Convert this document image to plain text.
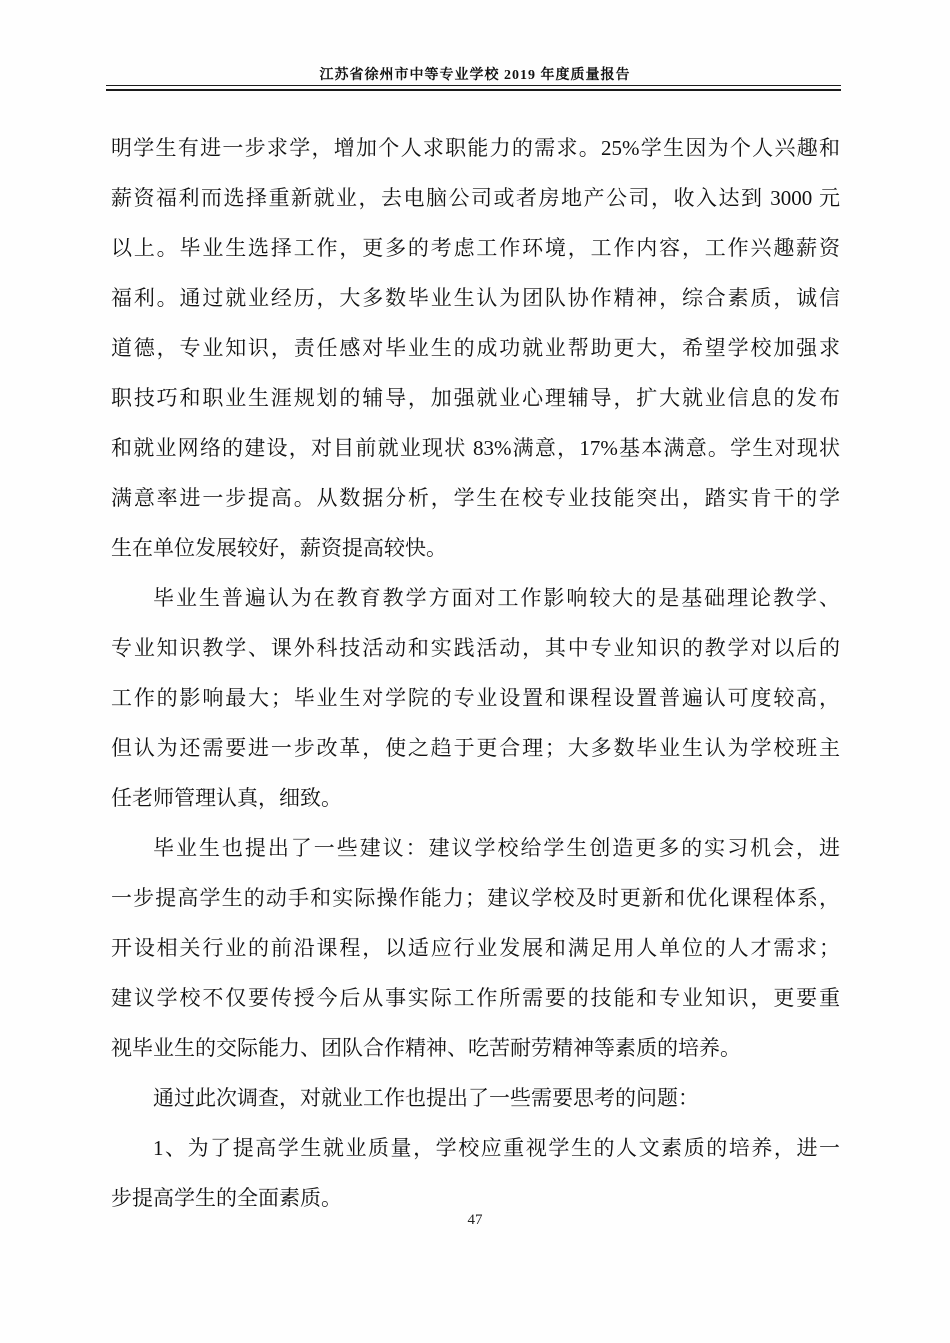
江苏省徐州市中等专业学校 2019 年度质量报告
明学生有进一步求学，增加个人求职能力的需求。25%学生因为个人兴趣和
薪资福利而选择重新就业，去电脑公司或者房地产公司，收入达到 3000 元
以上。毕业生选择工作，更多的考虑工作环境，工作内容，工作兴趣薪资
福利。通过就业经历，大多数毕业生认为团队协作精神，综合素质，诚信
道德，专业知识，责任感对毕业生的成功就业帮助更大，希望学校加强求
职技巧和职业生涯规划的辅导，加强就业心理辅导，扩大就业信息的发布
和就业网络的建设，对目前就业现状 83%满意，17%基本满意。学生对现状
满意率进一步提高。从数据分析，学生在校专业技能突出，踏实肯干的学
生在单位发展较好，薪资提高较快。
毕业生普遍认为在教育教学方面对工作影响较大的是基础理论教学、
专业知识教学、课外科技活动和实践活动，其中专业知识的教学对以后的
工作的影响最大；毕业生对学院的专业设置和课程设置普遍认可度较高，
但认为还需要进一步改革，使之趋于更合理；大多数毕业生认为学校班主
任老师管理认真，细致。
毕业生也提出了一些建议：建议学校给学生创造更多的实习机会，进
一步提高学生的动手和实际操作能力；建议学校及时更新和优化课程体系，
开设相关行业的前沿课程，以适应行业发展和满足用人单位的人才需求；
建议学校不仅要传授今后从事实际工作所需要的技能和专业知识，更要重
视毕业生的交际能力、团队合作精神、吃苦耐劳精神等素质的培养。
通过此次调查，对就业工作也提出了一些需要思考的问题：
1、为了提高学生就业质量，学校应重视学生的人文素质的培养，进一
步提高学生的全面素质。
47
